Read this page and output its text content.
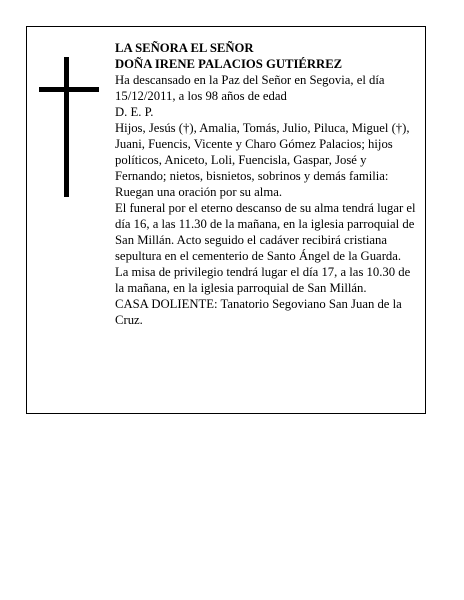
LA SEÑORA EL SEÑOR

DOÑA IRENE PALACIOS GUTIÉRREZ

Ha descansado en la Paz del Señor en Segovia, el día 15/12/2011, a los 98 años de edad

D. E. P.

Hijos, Jesús (†), Amalia, Tomás, Julio, Piluca, Miguel (†), Juani, Fuencis, Vicente y Charo Gómez Palacios; hijos políticos, Aniceto, Loli, Fuencisla, Gaspar, José y Fernando; nietos, bisnietos, sobrinos y demás familia:

Ruegan una oración por su alma.

El funeral por el eterno descanso de su alma tendrá lugar el día 16, a las 11.30 de la mañana, en la iglesia parroquial de San Millán. Acto seguido el cadáver recibirá cristiana sepultura en el cementerio de Santo Ángel de la Guarda.

La misa de privilegio tendrá lugar el día 17, a las 10.30 de la mañana, en la iglesia parroquial de San Millán.

CASA DOLIENTE: Tanatorio Segoviano San Juan de la Cruz.
